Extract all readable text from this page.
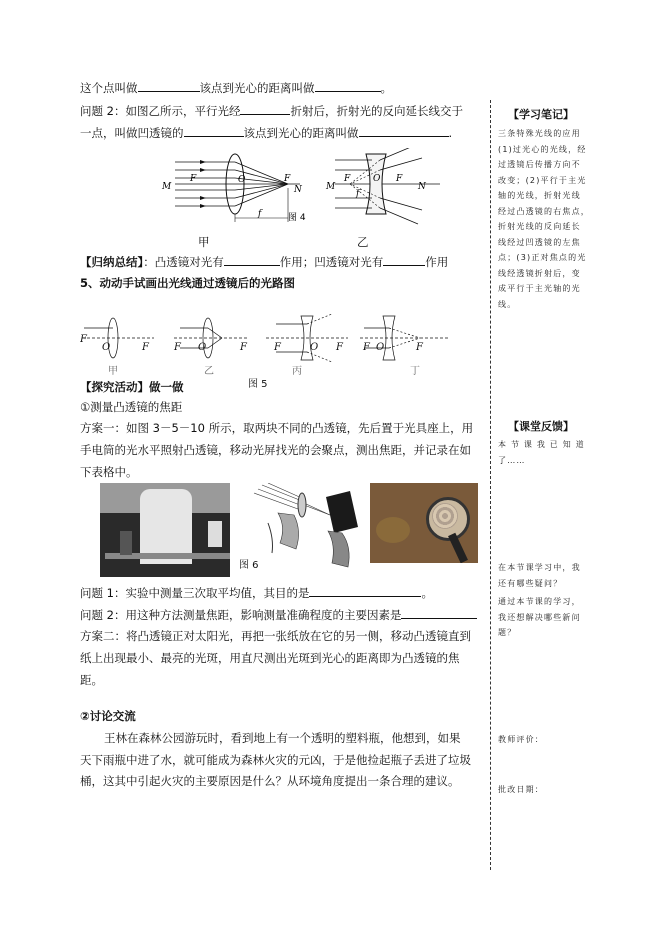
这个点叫做	该点到光心的距离叫做	。
问题 2：如图乙所示，平行光经	折射后，折射光的反向延长线交于
一点，叫做凹透镜的	该点到光心的距离叫做	.
M
F	O	F
N
f	图 4
M
F	O F
N
f
甲	乙
【归纳总结】：凸透镜对光有	作用；凹透镜对光有	作用
5、动动手试画出光线通过透镜后的光路图
F
O	F	F O	F	F	O F F O	F
甲	乙	丙	丁
【探究活动】做一做	图 5
①测量凸透镜的焦距
方案一：如图 3－5－10 所示，取两块不同的凸透镜，先后置于光具座上，用
手电筒的光水平照射凸透镜，移动光屏找光的会聚点，测出焦距，并记录在如
下表格中。
图 6
问题 1：实验中测量三次取平均值，其目的是	。
问题 2：用这种方法测量焦距，影响测量准确程度的主要因素是
方案二：将凸透镜正对太阳光，再把一张纸放在它的另一侧，移动凸透镜直到
纸上出现最小、最亮的光斑，用直尺测出光斑到光心的距离即为凸透镜的焦
距。
②讨论交流
王林在森林公园游玩时，看到地上有一个透明的塑料瓶，他想到，如果
天下雨瓶中进了水，就可能成为森林火灾的元凶，于是他捡起瓶子丢进了垃圾
桶，这其中引起火灾的主要原因是什么？从环境角度提出一条合理的建议。
【学习笔记】
三条特殊光线的应用
(1)过光心的光线，经
过透镜后传播方向不
改变；(2)平行于主光
轴的光线，折射光线
经过凸透镜的右焦点，
折射光线的反向延长
线经过凹透镜的左焦
点；(3)正对焦点的光
线经透镜折射后，变
成平行于主光轴的光
线。
【课堂反馈】
本 节 课 我 已 知 道
了……
在本节课学习中，我
还有哪些疑问？
通过本节课的学习，
我还想解决哪些新问
题？
教师评价：
批改日期：
